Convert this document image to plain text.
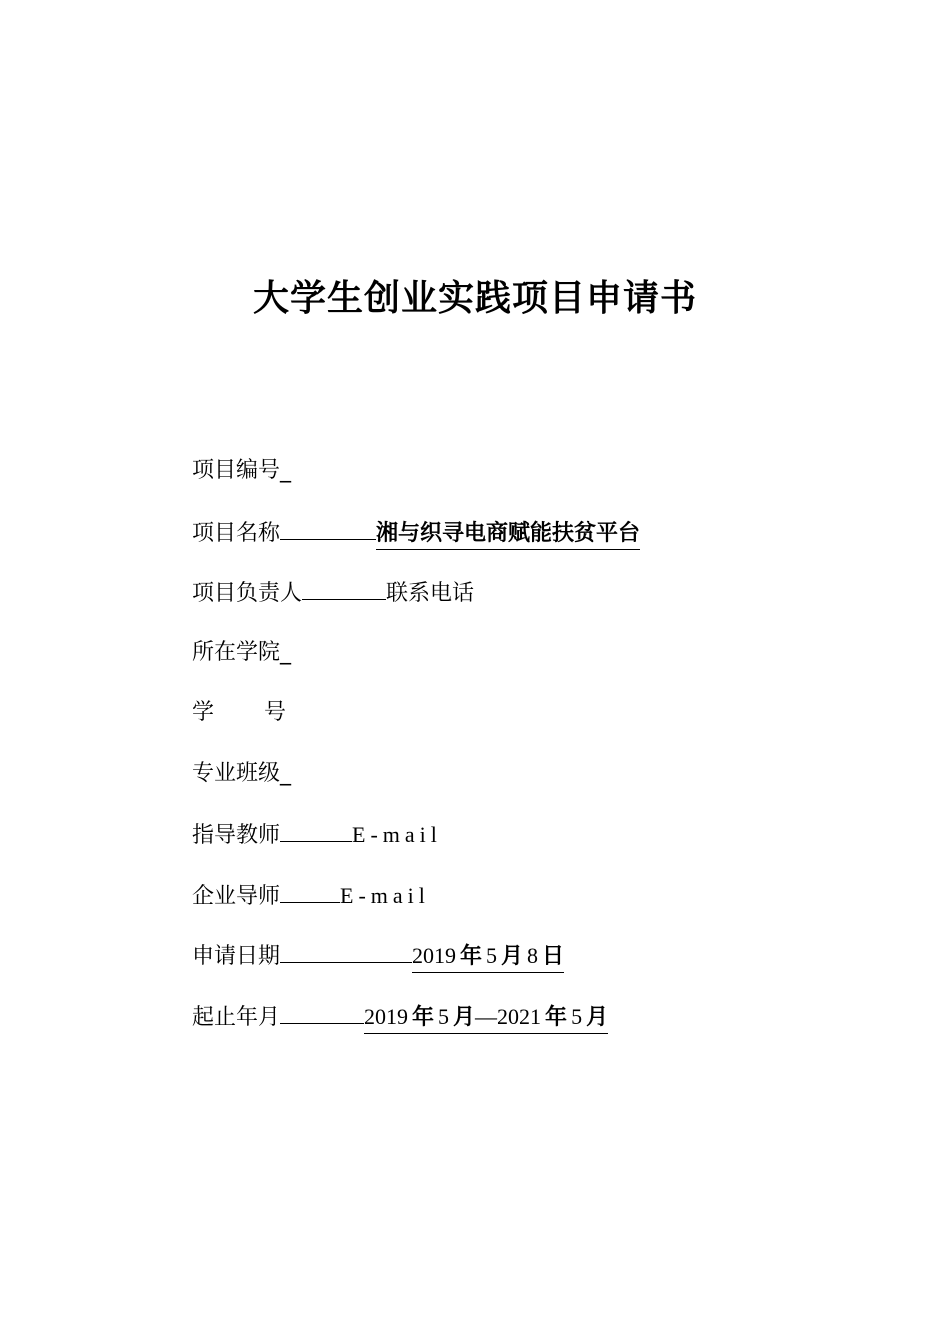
大学生创业实践项目申请书
项目编号_
项目名称	湘与织寻电商赋能扶贫平台
项目负责人	联系电话
所在学院_
学 号
专业班级_
指导教师	E-mail
企业导师	E-mail
申请日期	2019 年 5 月 8 日
起止年月	2019 年 5 月—2021 年 5 月
